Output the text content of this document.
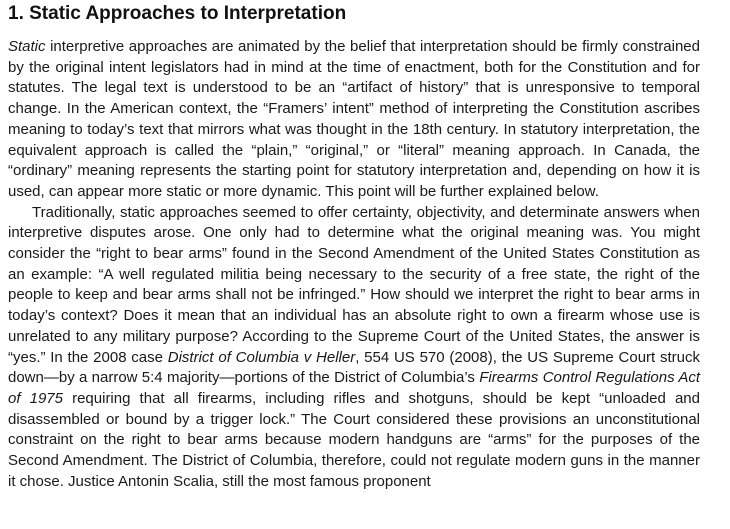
1. Static Approaches to Interpretation

Static interpretive approaches are animated by the belief that interpretation should be firmly constrained by the original intent legislators had in mind at the time of enactment, both for the Constitution and for statutes. The legal text is understood to be an “artifact of history” that is unresponsive to temporal change. In the American context, the “Framers’ intent” method of interpreting the Constitution ascribes meaning to today’s text that mirrors what was thought in the 18th century. In statutory interpretation, the equivalent approach is called the “plain,” “original,” or “literal” meaning approach. In Canada, the “ordinary” meaning represents the starting point for statutory interpretation and, depending on how it is used, can appear more static or more dynamic. This point will be further explained below.

Traditionally, static approaches seemed to offer certainty, objectivity, and determinate answers when interpretive disputes arose. One only had to determine what the original meaning was. You might consider the “right to bear arms” found in the Second Amendment of the United States Constitution as an example: “A well regulated militia being necessary to the security of a free state, the right of the people to keep and bear arms shall not be infringed.” How should we interpret the right to bear arms in today’s context? Does it mean that an individual has an absolute right to own a firearm whose use is unrelated to any military purpose? According to the Supreme Court of the United States, the answer is “yes.” In the 2008 case District of Columbia v Heller, 554 US 570 (2008), the US Supreme Court struck down—by a narrow 5:4 majority—portions of the District of Columbia’s Firearms Control Regulations Act of 1975 requiring that all firearms, including rifles and shotguns, should be kept “unloaded and disassembled or bound by a trigger lock.” The Court considered these provisions an unconstitutional constraint on the right to bear arms because modern handguns are “arms” for the purposes of the Second Amendment. The District of Columbia, therefore, could not regulate modern guns in the manner it chose. Justice Antonin Scalia, still the most famous proponent
